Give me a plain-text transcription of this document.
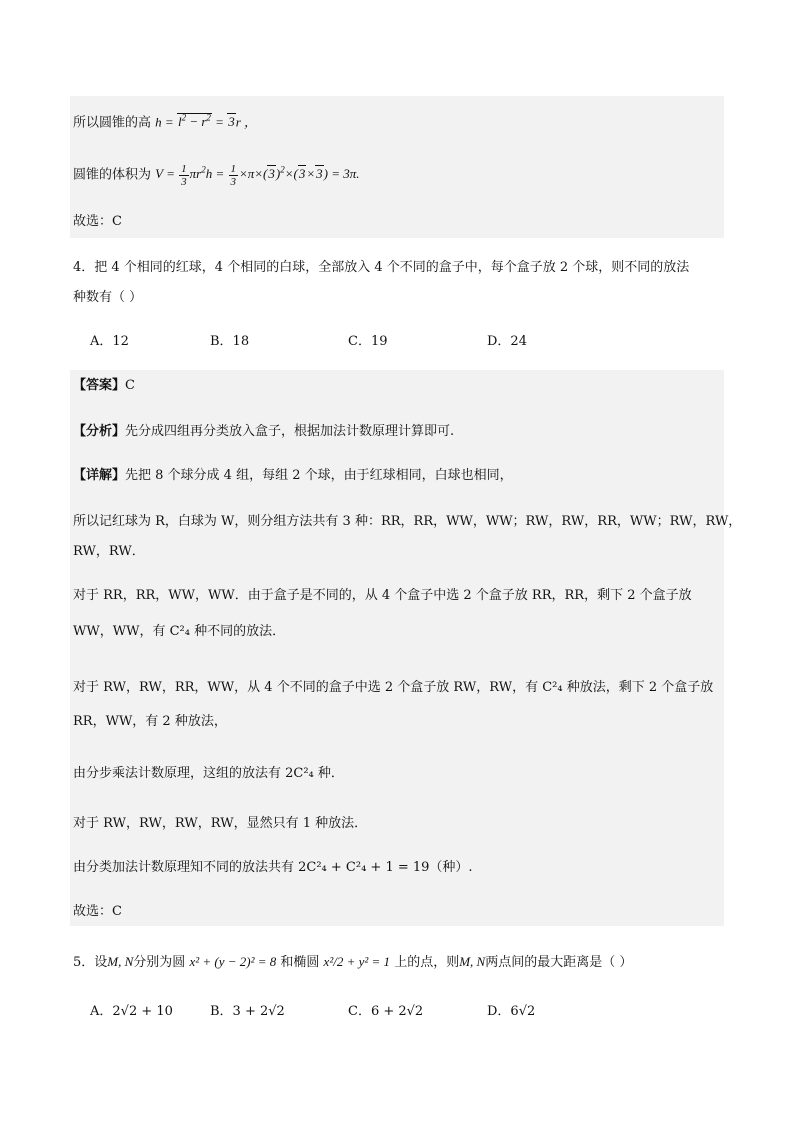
所以圆锥的高 $h = l^2 - r^2 = 3r$ ，
圆锥的体积为 $V = \frac{1}{3} \pi r^2h = \frac{1}{3} \times\pi\times(3)^2\times(3\times 3) = 3\pi$.
故选：C
4．把 4 个相同的红球，4 个相同的白球，全部放入 4 个不同的盒子中，每个盒子放 2 个球，则不同的放法
种数有（ ）
A．12	B．18	C．19	D．24
【答案】C
【分析】先分成四组再分类放入盒子，根据加法计数原理计算即可.
【详解】先把 8 个球分成 4 组，每组 2 个球，由于红球相同，白球也相同，
所以记红球为 R，白球为 W，则分组方法共有 3 种：RR，RR，WW，WW；RW，RW，RR，WW；RW，RW，
RW，RW．
对于 RR，RR，WW，WW．由于盒子是不同的，从 4 个盒子中选 2 个盒子放 RR，RR，剩下 2 个盒子放
WW，WW，有 C²₄ 种不同的放法．
对于 RW，RW，RR，WW，从 4 个不同的盒子中选 2 个盒子放 RW，RW，有 C²₄ 种放法，剩下 2 个盒子放
RR，WW，有 2 种放法，
由分步乘法计数原理，这组的放法有 2C²₄ 种．
对于 RW，RW，RW，RW，显然只有 1 种放法．
由分类加法计数原理知不同的放法共有 2C²₄ + C²₄ + 1 = 19（种）.
故选：C
5．设M, N分别为圆 x² + (y − 2)² = 8 和椭圆 x²/2 + y² = 1 上的点，则M, N两点间的最大距离是（ ）
A．2√2 + 10	B．3 + 2√2	C．6 + 2√2	D．6√2
